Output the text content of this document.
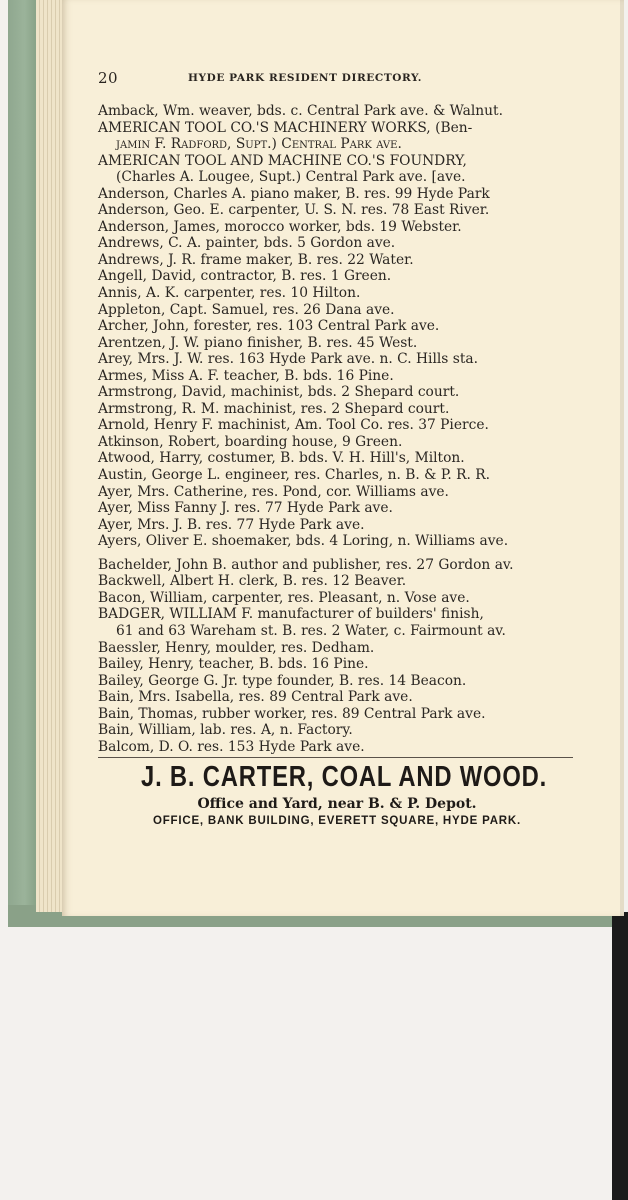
20	HYDE PARK RESIDENT DIRECTORY.
Amback, Wm. weaver, bds. c. Central Park ave. & Walnut.
AMERICAN TOOL CO.'S MACHINERY WORKS, (Ben-
jamin F. Radford, Supt.) Central Park ave.
AMERICAN TOOL AND MACHINE CO.'S FOUNDRY,
(Charles A. Lougee, Supt.) Central Park ave. [ave.
Anderson, Charles A. piano maker, B. res. 99 Hyde Park
Anderson, Geo. E. carpenter, U. S. N. res. 78 East River.
Anderson, James, morocco worker, bds. 19 Webster.
Andrews, C. A. painter, bds. 5 Gordon ave.
Andrews, J. R. frame maker, B. res. 22 Water.
Angell, David, contractor, B. res. 1 Green.
Annis, A. K. carpenter, res. 10 Hilton.
Appleton, Capt. Samuel, res. 26 Dana ave.
Archer, John, forester, res. 103 Central Park ave.
Arentzen, J. W. piano finisher, B. res. 45 West.
Arey, Mrs. J. W. res. 163 Hyde Park ave. n. C. Hills sta.
Armes, Miss A. F. teacher, B. bds. 16 Pine.
Armstrong, David, machinist, bds. 2 Shepard court.
Armstrong, R. M. machinist, res. 2 Shepard court.
Arnold, Henry F. machinist, Am. Tool Co. res. 37 Pierce.
Atkinson, Robert, boarding house, 9 Green.
Atwood, Harry, costumer, B. bds. V. H. Hill's, Milton.
Austin, George L. engineer, res. Charles, n. B. & P. R. R.
Ayer, Mrs. Catherine, res. Pond, cor. Williams ave.
Ayer, Miss Fanny J. res. 77 Hyde Park ave.
Ayer, Mrs. J. B. res. 77 Hyde Park ave.
Ayers, Oliver E. shoemaker, bds. 4 Loring, n. Williams ave.
Bachelder, John B. author and publisher, res. 27 Gordon av.
Backwell, Albert H. clerk, B. res. 12 Beaver.
Bacon, William, carpenter, res. Pleasant, n. Vose ave.
BADGER, WILLIAM F. manufacturer of builders' finish,
61 and 63 Wareham st. B. res. 2 Water, c. Fairmount av.
Baessler, Henry, moulder, res. Dedham.
Bailey, Henry, teacher, B. bds. 16 Pine.
Bailey, George G. Jr. type founder, B. res. 14 Beacon.
Bain, Mrs. Isabella, res. 89 Central Park ave.
Bain, Thomas, rubber worker, res. 89 Central Park ave.
Bain, William, lab. res. A, n. Factory.
Balcom, D. O. res. 153 Hyde Park ave.
J. B. CARTER, COAL AND WOOD.
Office and Yard, near B. & P. Depot.
OFFICE, BANK BUILDING, EVERETT SQUARE, HYDE PARK.
